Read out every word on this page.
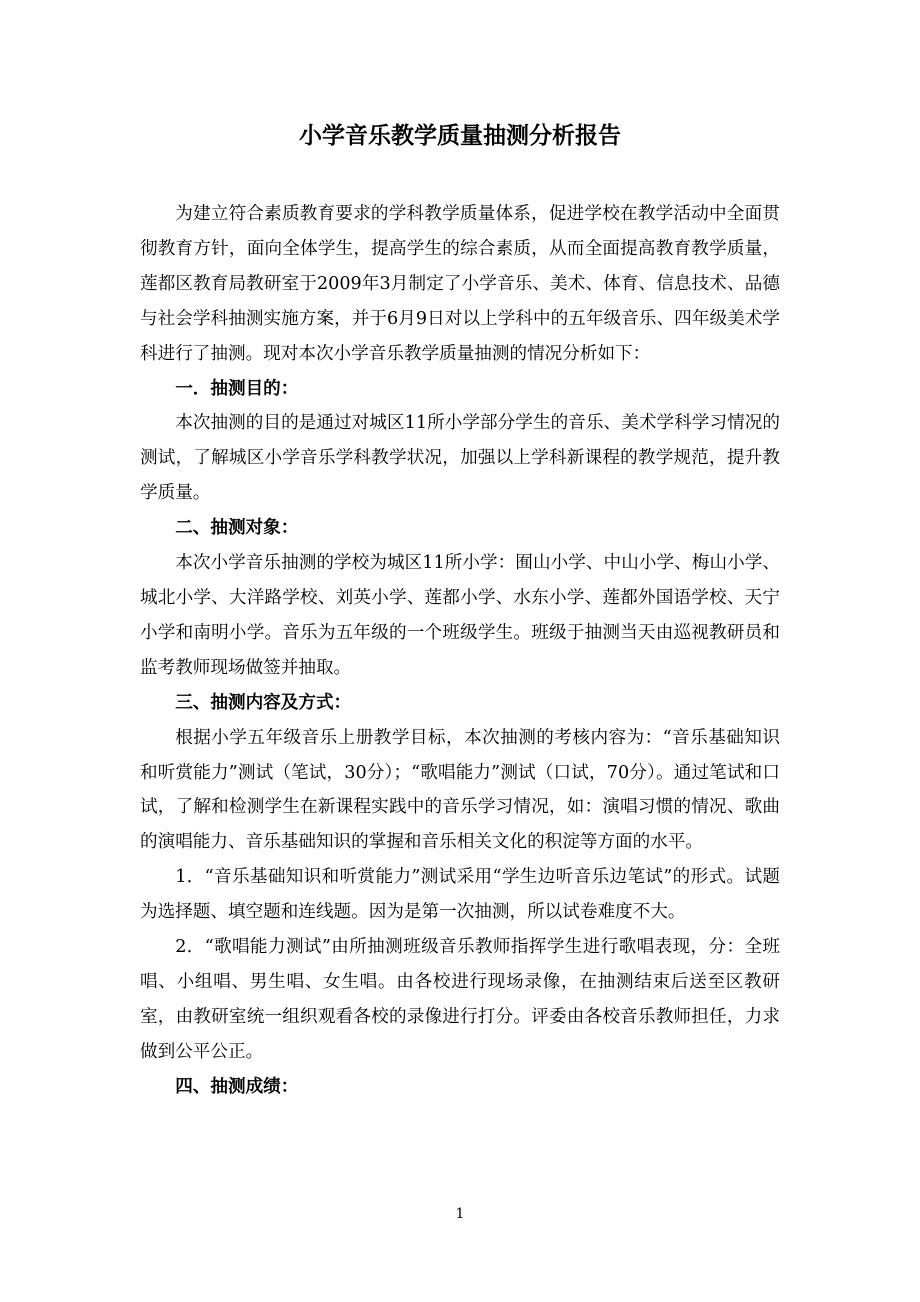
小学音乐教学质量抽测分析报告

为建立符合素质教育要求的学科教学质量体系，促进学校在教学活动中全面贯彻教育方针，面向全体学生，提高学生的综合素质，从而全面提高教育教学质量，莲都区教育局教研室于2009年3月制定了小学音乐、美术、体育、信息技术、品德与社会学科抽测实施方案，并于6月9日对以上学科中的五年级音乐、四年级美术学科进行了抽测。现对本次小学音乐教学质量抽测的情况分析如下：

一．抽测目的：

本次抽测的目的是通过对城区11所小学部分学生的音乐、美术学科学习情况的测试，了解城区小学音乐学科教学状况，加强以上学科新课程的教学规范，提升教学质量。

二、抽测对象：

本次小学音乐抽测的学校为城区11所小学：囿山小学、中山小学、梅山小学、城北小学、大洋路学校、刘英小学、莲都小学、水东小学、莲都外国语学校、天宁小学和南明小学。音乐为五年级的一个班级学生。班级于抽测当天由巡视教研员和监考教师现场做签并抽取。

三、抽测内容及方式：

根据小学五年级音乐上册教学目标，本次抽测的考核内容为：“音乐基础知识和听赏能力”测试（笔试，30分）；“歌唱能力”测试（口试，70分）。通过笔试和口试，了解和检测学生在新课程实践中的音乐学习情况，如：演唱习惯的情况、歌曲的演唱能力、音乐基础知识的掌握和音乐相关文化的积淀等方面的水平。

1．“音乐基础知识和听赏能力”测试采用“学生边听音乐边笔试”的形式。试题为选择题、填空题和连线题。因为是第一次抽测，所以试卷难度不大。

2．“歌唱能力测试”由所抽测班级音乐教师指挥学生进行歌唱表现，分：全班唱、小组唱、男生唱、女生唱。由各校进行现场录像，在抽测结束后送至区教研室，由教研室统一组织观看各校的录像进行打分。评委由各校音乐教师担任，力求做到公平公正。

四、抽测成绩：

1
